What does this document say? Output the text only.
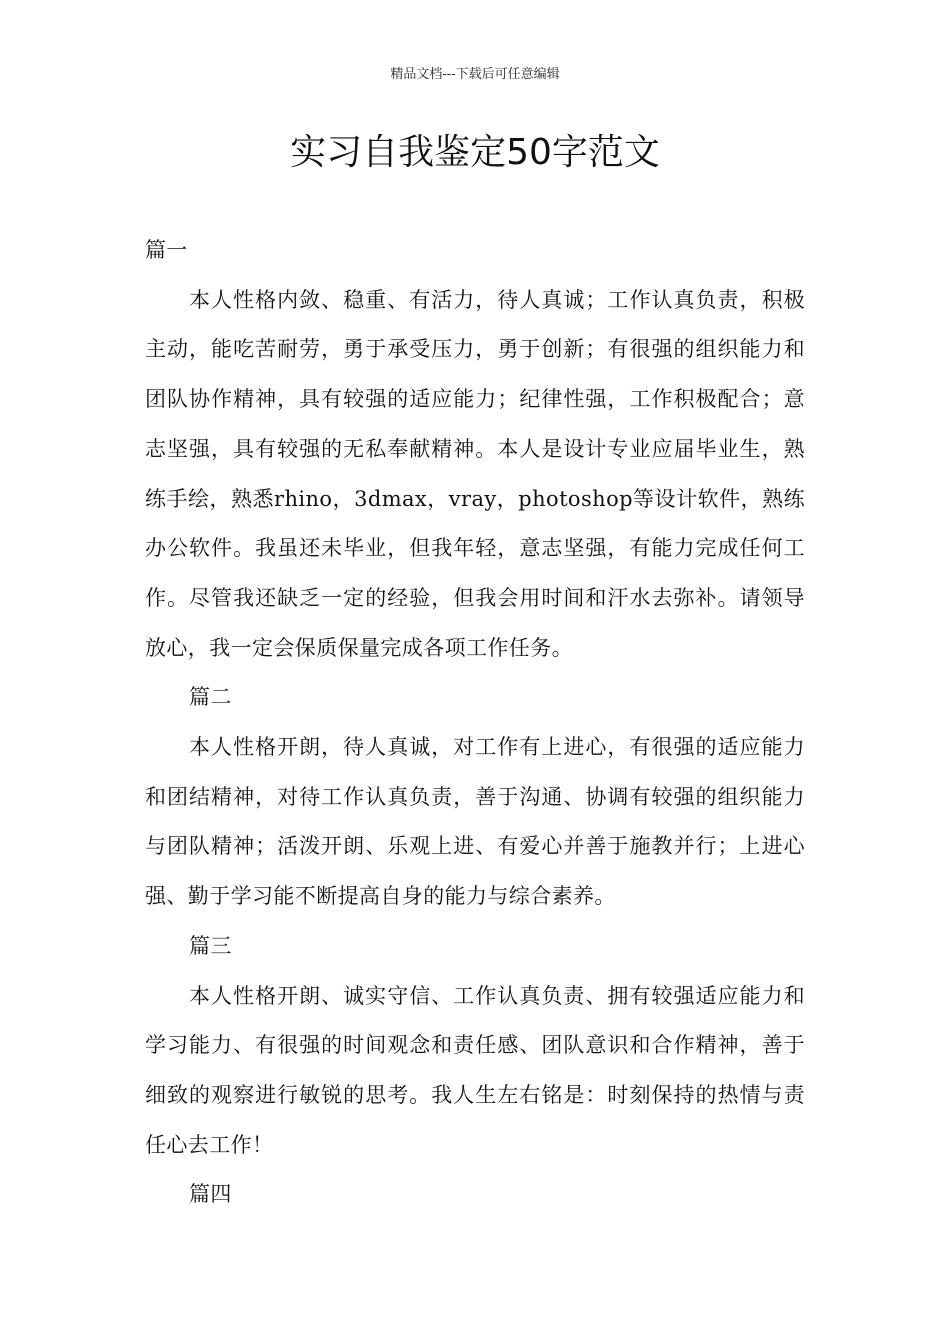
精品文档---下载后可任意编辑
实习自我鉴定50字范文

篇一

本人性格内敛、稳重、有活力，待人真诚；工作认真负责，积极主动，能吃苦耐劳，勇于承受压力，勇于创新；有很强的组织能力和团队协作精神，具有较强的适应能力；纪律性强，工作积极配合；意志坚强，具有较强的无私奉献精神。本人是设计专业应届毕业生，熟练手绘，熟悉rhino，3dmax，vray，photoshop等设计软件，熟练办公软件。我虽还未毕业，但我年轻，意志坚强，有能力完成任何工作。尽管我还缺乏一定的经验，但我会用时间和汗水去弥补。请领导放心，我一定会保质保量完成各项工作任务。

篇二

本人性格开朗，待人真诚，对工作有上进心，有很强的适应能力和团结精神，对待工作认真负责，善于沟通、协调有较强的组织能力与团队精神；活泼开朗、乐观上进、有爱心并善于施教并行；上进心强、勤于学习能不断提高自身的能力与综合素养。

篇三

本人性格开朗、诚实守信、工作认真负责、拥有较强适应能力和学习能力、有很强的时间观念和责任感、团队意识和合作精神，善于细致的观察进行敏锐的思考。我人生左右铭是：时刻保持的热情与责任心去工作！

篇四
